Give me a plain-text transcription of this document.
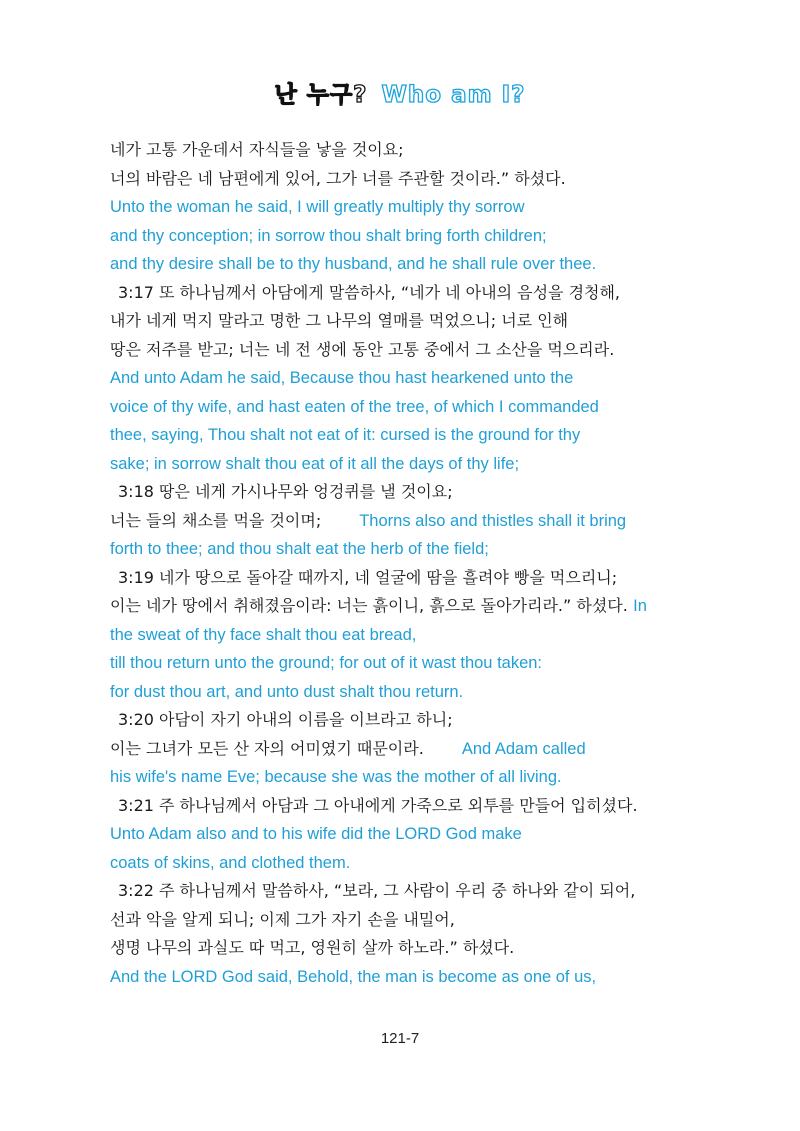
난 누구? Who am I?
네가 고통 가운데서 자식들을 낳을 것이요;
너의 바람은 네 남편에게 있어, 그가 너를 주관할 것이라.” 하셨다.
Unto the woman he said, I will greatly multiply thy sorrow
and thy conception; in sorrow thou shalt bring forth children;
and thy desire shall be to thy husband, and he shall rule over thee.
3:17 또 하나님께서 아담에게 말씀하사, “네가 네 아내의 음성을 경청해,
내가 네게 먹지 말라고 명한 그 나무의 열매를 먹었으니; 너로 인해
땅은 저주를 받고; 너는 네 전 생에 동안 고통 중에서 그 소산을 먹으리라.
And unto Adam he said, Because thou hast hearkened unto the
voice of thy wife, and hast eaten of the tree, of which I commanded
thee, saying, Thou shalt not eat of it: cursed is the ground for thy
sake; in sorrow shalt thou eat of it all the days of thy life;
3:18 땅은 네게 가시나무와 엉겅퀴를 낼 것이요;
너는 들의 채소를 먹을 것이며; Thorns also and thistles shall it bring
forth to thee; and thou shalt eat the herb of the field;
3:19 네가 땅으로 돌아갈 때까지, 네 얼굴에 땀을 흘려야 빵을 먹으리니;
이는 네가 땅에서 취해졌음이라: 너는 흙이니, 흙으로 돌아가리라.” 하셨다. In
the sweat of thy face shalt thou eat bread,
till thou return unto the ground; for out of it wast thou taken:
for dust thou art, and unto dust shalt thou return.
3:20 아담이 자기 아내의 이름을 이브라고 하니;
이는 그녀가 모든 산 자의 어미였기 때문이라. And Adam called
his wife's name Eve; because she was the mother of all living.
3:21 주 하나님께서 아담과 그 아내에게 가죽으로 외투를 만들어 입히셨다.
Unto Adam also and to his wife did the LORD God make
coats of skins, and clothed them.
3:22 주 하나님께서 말씀하사, “보라, 그 사람이 우리 중 하나와 같이 되어,
선과 악을 알게 되니; 이제 그가 자기 손을 내밀어,
생명 나무의 과실도 따 먹고, 영원히 살까 하노라.” 하셨다.
And the LORD God said, Behold, the man is become as one of us,
121-7
